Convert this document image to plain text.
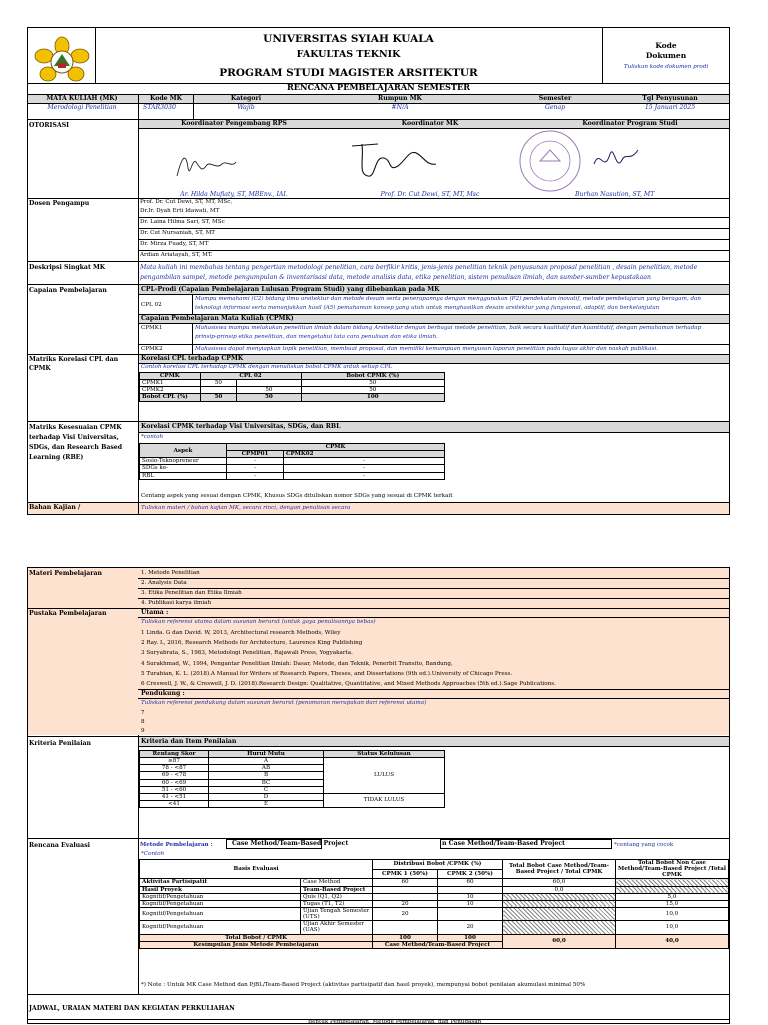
UNIVERSITAS SYIAH KUALA
FAKULTAS TEKNIK
PROGRAM STUDI MAGISTER ARSITEKTUR
Kode
Dokumen
Tuliskan kode dokumen prodi
RENCANA PEMBELAJARAN SEMESTER
MATA KULIAH (MK)	Kode MK	Kategori	Rumpun MK	Semester	Tgl Penyusunan
Merodologi Penelitian	STAR3030	Wajib	#N/A	Genap	15 Januari 2025
OTORISASI	Koordinator Pengembang RPS	Koordinator MK	Koordinator Program Studi
Ar. Hilda Mufiaty, ST, MBEnv., IAI.	Prof. Dr. Cut Dewi, ST, MT, Msc	Burhan Nasution, ST, MT
Dosen Pengampu	Prof. Dr. Cut Dewi, ST, MT, MSc,
Dr.Ir. Dyah Erti Idawati, MT
Dr. Laina Hilma Sari, ST, MSc
Dr. Cut Nursaniah, ST, MT
Dr. Mirza Fuady, ST, MT
Ardian Ariatayah, ST, MT.
Deskripsi Singkat MK	Mata kuliah ini membahas tentang pengertian metodologi penelitian, cara berfikir kritis, jenis-jenis penelitian teknik penyusunan proposal penelitian , desain penelitian, metode
pengambilan sampel, metode pengumpulan & inventarisasi data, metode analisis data, etika penelitian, sistem penulisan ilmiah, dan sumber-sumber kepustakaan
Capaian Pembelajaran	CPL-Prodi (Capaian Pembelajaran Lulusan Program Studi) yang dibebankan pada MK
CPL 02
Mampu memahami (C2) bidang ilmu arsitektur dan metode desain serta penerapannya dengan menggunakan (P2) pendekatan inovatif, metode pembelajaran yang beragam, dan
teknologi informasi serta menunjukkan hasil (A5) pemahaman konsep yang utuh untuk menghasilkan desain arsitektur yang fungsional, adaptif, dan berkelanjutan
Capaian Pembelajaran Mata Kuliah (CPMK)
CPMK1	Mahasiswa mampu melakukan penelitian ilmiah dalam bidang Arsitektur dengan berbagai metode penelitian, baik secara kualitatif dan kuantitatif, dengan pemahaman terhadap
prinsip-prinsip etika penelitian, dan mengetahui tata cara penulisan dan etika ilmiah.
CPMK2	Mahasiswa dapat menyiapkan topik penelitian, membuat proposal, dan memiliki kemampuan menyusun laporan penelitian pada tugas akhir dan naskah publikasi.
Matriks Korelasi CPL dan
CPMK
Korelasi CPL terhadap CPMK
Contoh korelasi CPL terhadap CPMK dengan menuliskan bobot CPMK untuk setiap CPL
CPMK	CPL 02		Bobot CPMK (%)
CPMK1	50		50
CPMK2		50	50
Bobot CPL (%)	50	50	100
Matriks Kesesuaian CPMK
terhadap Visi Universitas,
SDGs, dan Research Based
Learning (RBE)
Korelasi CPMK terhadap Visi Universitas, SDGs, dan RBL
*contoh
Aspek	CPMK	
	CPMP01	CPMK02
Sosio-Teknopreneur	-	-
SDGs ke-	-	-
RBL	-	-
Centang aspek yang sesuai dengan CPMK, Khusus SDGs dituliskan nomor SDGs yang sesuai di CPMK terkait
Bahan Kajian /	Tuliskan materi / bahan kajian MK, secara rinci, dengan penulisan secara
Materi Pembelajaran	1. Metode Penelitian
2. Analysis Data
3. Etika Penelitian dan Etika Ilmiah
4. Publikasi karya ilmiah
Pustaka Pembelajaran	Utama :
Tuliskan referensi utama dalam susunan berurut (untuk gaya penulisannya bebas)
1 Linda. G dan David. W, 2013, Architectural research Methods, Wiley
2 Ray. L, 2016, Research Methods for Architecture, Laurence King Publishing
3 Suryabrata, S., 1983, Metodologi Penelitian, Rajawali Press, Yogyakarta.
4 Surakhmad, W., 1994, Pengantar Penelitian Ilmiah: Dasar, Metode, dan Teknik, Penerbit Transito, Bandung,
5 Turabian, K. L. (2018).A Manual for Writers of Research Papers, Theses, and Dissertations (9th ed.).University of Chicago Press.
6 Creswell, J. W., & Creswell, J. D. (2018).Research Design: Qualitative, Quantitative, and Mixed Methods Approaches (5th ed.).Sage Publications.
Pendukung :
Tuliskan referensi pendukung dalam susunan berurut (penomoran merupakan dari referensi utama)
7
8
9
Kriteria Penilaian	Kriteria dan Item Penilaian
Rentang Skor	Huruf Mutu	Status Kelulusan
≥87	A	LULUS
78 - <87	AB	
69 - <78	B	
60 - <69	BC	
51 - <60	C	
41 - <51	D	TIDAK LULUS
<41	E	
Rencana Evaluasi	Metode Pembelajaran :	Case Method/Team-Based Project	n Case Method/Team-Based Project	*centang yang cocok
*Contoh
Basis Evaluasi		Distribusi Bobot /CPMK (%)		Total Bobot Case Method/Team-Based Project / Total CPMK	Total Bobot Non Case Method/Team-Based Project /Total CPMK
		CPMK 1 (50%)	CPMK 2 (50%)		
Aktivitas Partisipatif	Case Method	60	60	60,0	
Hasil Proyek	Team-Based Project			0,0	
Kognitif/Pengetahuan	Quis (Q1, Q2)		10		5,0
Kognitif/Pengetahuan	Tugas (T1, T2)	20	10		15,0
Kognitif/Pengetahuan	Ujian Tengah Semester (UTS)	20			10,0
Kognitif/Pengetahuan	Ujian Akhir Semester (UAS)		20		10,0
Total Bobot / CPMK		100	100	60,0	40,0
Kesimpulan Jenis Metode Pembelajaran		Case Method/Team-Based Project			
*) Note : Untuk MK Case Method dan PjBL/Team-Based Project (aktivitas partisipatif dan hasil proyek), mempunyai bobot penilaian akumulasi minimal 50%
JADWAL, URAIAN MATERI DAN KEGIATAN PERKULIAHAN
Bentuk Pembelajaran, Metode Pembelajaran, dan Penugasan
